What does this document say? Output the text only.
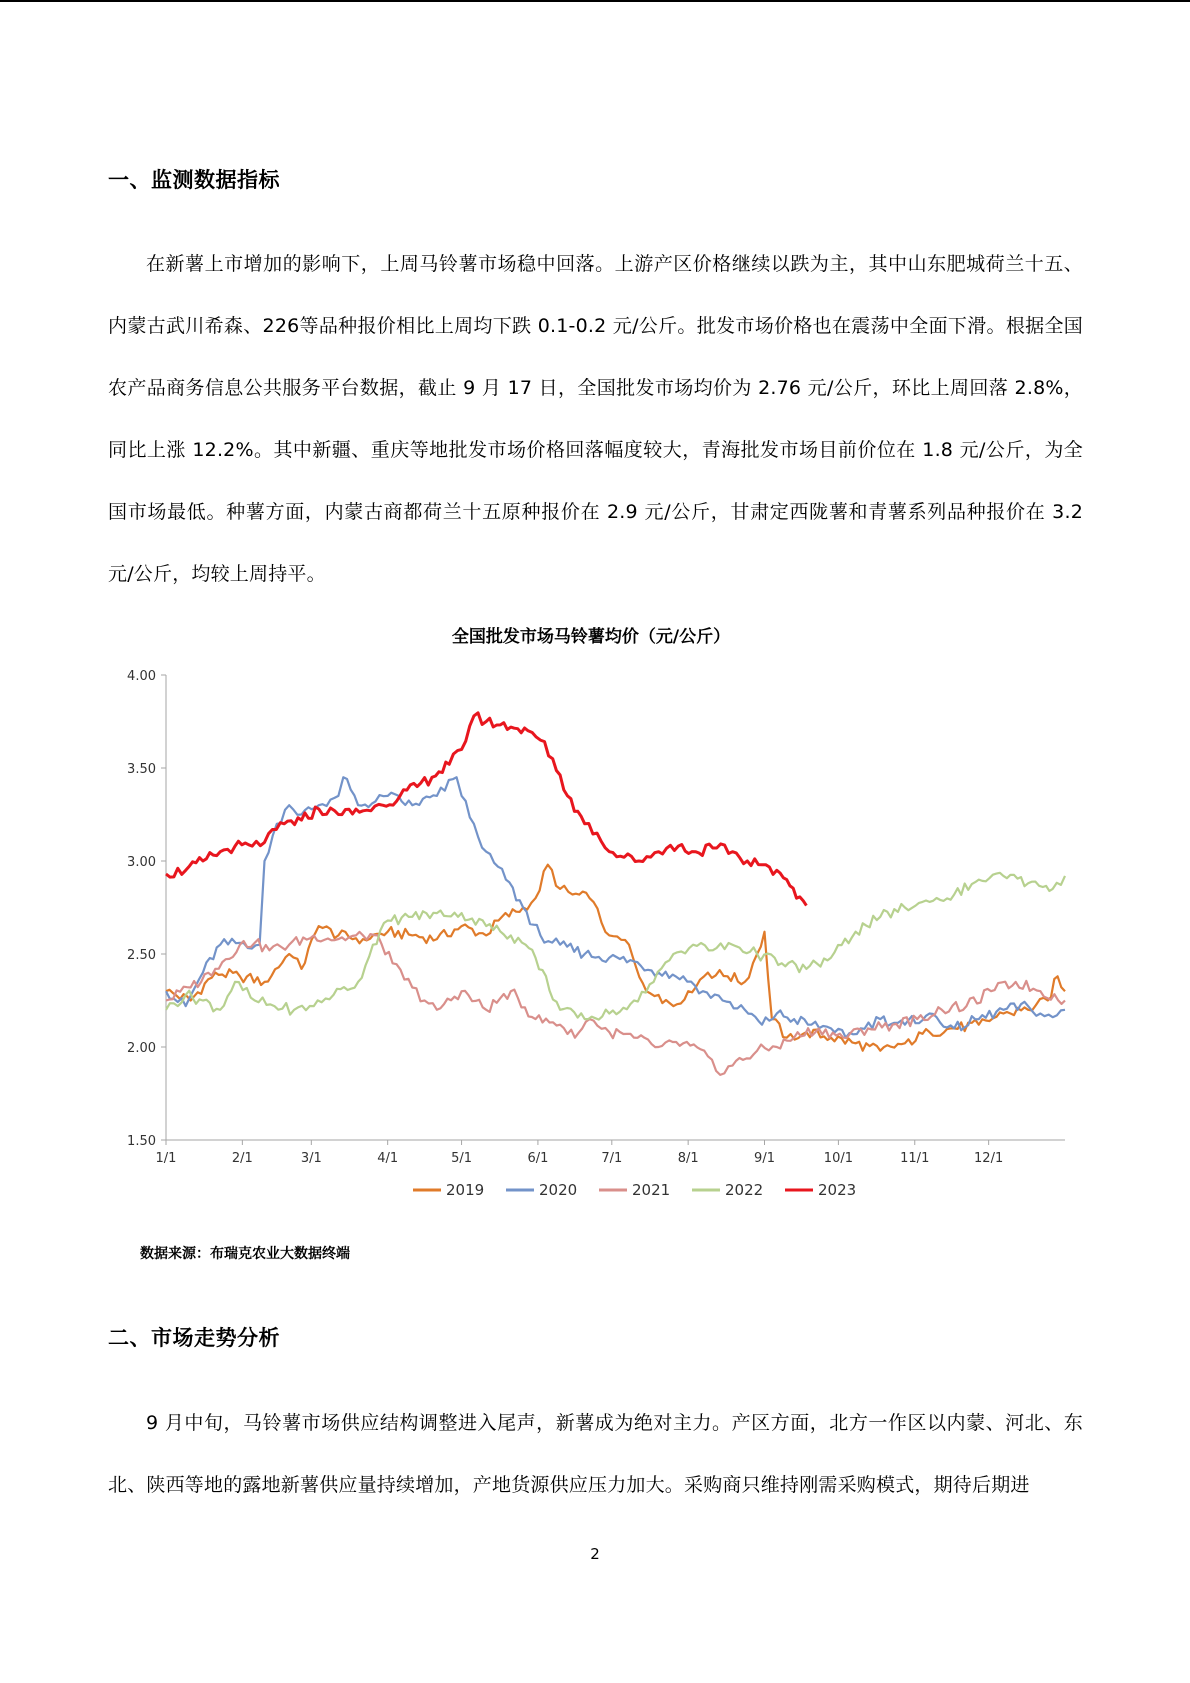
一、监测数据指标

在新薯上市增加的影响下，上周马铃薯市场稳中回落。上游产区价格继续以跌为主，其中山东肥城荷兰十五、内蒙古武川希森、226等品种报价相比上周均下跌 0.1-0.2 元/公斤。批发市场价格也在震荡中全面下滑。根据全国农产品商务信息公共服务平台数据，截止 9 月 17 日，全国批发市场均价为 2.76 元/公斤，环比上周回落 2.8%，同比上涨 12.2%。其中新疆、重庆等地批发市场价格回落幅度较大，青海批发市场目前价位在 1.8 元/公斤，为全国市场最低。种薯方面，内蒙古商都荷兰十五原种报价在 2.9 元/公斤，甘肃定西陇薯和青薯系列品种报价在 3.2 元/公斤，均较上周持平。

全国批发市场马铃薯均价（元/公斤）
1.50
2.00
2.50
3.00
3.50
4.00
1/1	2/1	3/1	4/1	5/1	6/1	7/1	8/1	9/1	10/1	11/1	12/1
2019	2020	2021	2022	2023

数据来源：布瑞克农业大数据终端

二、市场走势分析

9 月中旬，马铃薯市场供应结构调整进入尾声，新薯成为绝对主力。产区方面，北方一作区以内蒙、河北、东北、陕西等地的露地新薯供应量持续增加，产地货源供应压力加大。采购商只维持刚需采购模式，期待后期进

2
